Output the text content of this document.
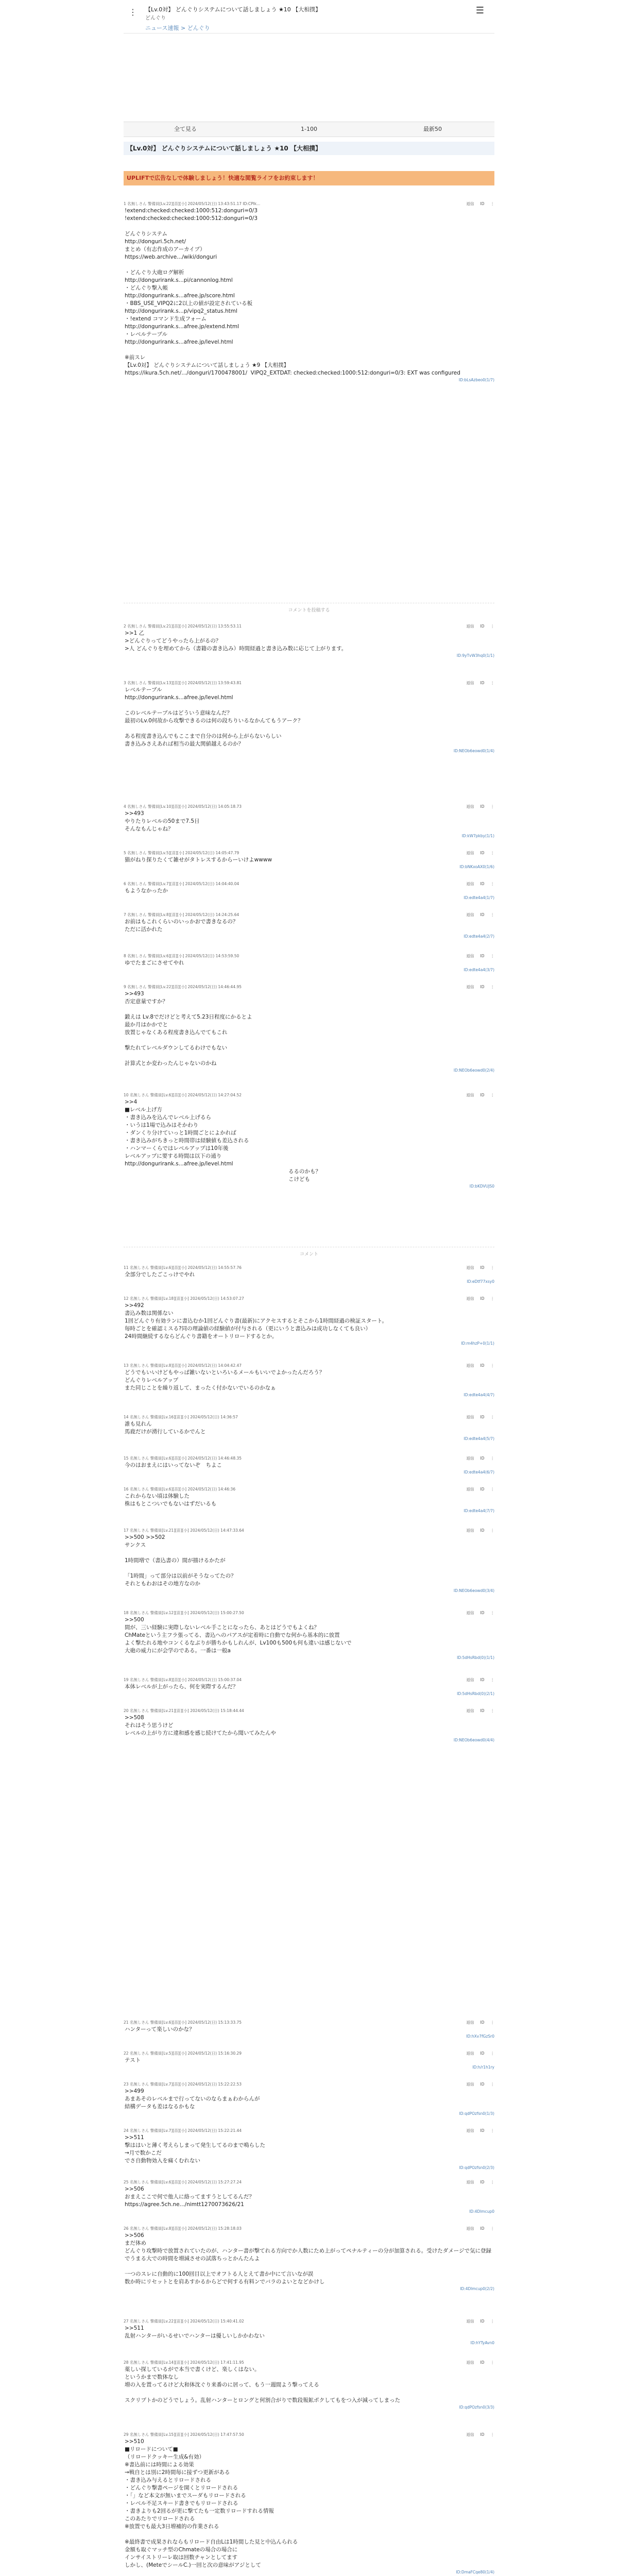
⋮ 【Lv.0対】 どんぐりシステムについて話しましょう ★10 【大相撲】
どんぐり
ニュース速報 > どんぐり
☰
全て見る	1-100	最新50
【Lv.0対】 どんぐりシステムについて話しましょう ★10 【大相撲】
UPLIFTで広告なしで体験しましょう！快適な閲覧ライフをお約束します！
1 名無しさん 警備員[Lv.22][苗][小] 2024/05/12(日) 13:43:51.17 ID:CPlk...	返信 ID ⋮
!extend:checked:checked:1000:512:donguri=0/3
!extend:checked:checked:1000:512:donguri=0/3

どんぐりシステム
http://donguri.5ch.net/
まとめ（有志作成のアーカイブ）
https://web.archive.../wiki/donguri

・どんぐり大砲ログ解析
http://dongurirank.s...pi/cannonlog.html
・どんぐり撃入帳
http://dongurirank.s...afree.jp/score.html
・BBS_USE_VIPQ2に2以上の値が設定されている板
http://dongurirank.s...p/vipq2_status.html
・!extend コマンド生成フォーム
http://dongurirank.s...afree.jp/extend.html
・レベルテーブル
http://dongurirank.s...afree.jp/level.html

※前スレ
【Lv.0対】 どんぐりシステムについて話しましょう ★9 【大相撲】
https://ikura.5ch.net/.../donguri/1700478001/  VIPQ2_EXTDAT: checked:checked:1000:512:donguri=0/3: EXT was configured
ID:bLsAzbeo0(1/7)
2 名無しさん 警備員[Lv.21][苗][小] 2024/05/12(日) 13:55:53.11	返信 ID ⋮
>>1 乙
>どんぐりってどうやったら上がるの？
>人 どんぐりを埋めてから（書籍の書き込み）時間経過と書き込み数に応じて上がります。
ID:9yTvW3hq0(1/1)
3 名無しさん 警備員[Lv.13][苗][小] 2024/05/12(日) 13:59:43.81	返信 ID ⋮
レベルテーブル
http://dongurirank.s...afree.jp/level.html

このレベルテーブルはどういう意味なんだ？
最初のLv.0何故から攻撃できるのは何の段ちりいるなかんてもうアーク？

ある程度書き込んでもここまで自分のは何から上がらないらしい
書き込みさえあれば相当の最大関値越えるのか？
ID:NEOb6eowd0(1/4)
4 名無しさん 警備員[Lv.10][苗][小] 2024/05/12(日) 14:05:18.73	返信 ID ⋮
>>493
やりたりレベルの50まで7.5日
そんなもんじゃね？
ID:kW7pkby(1/1)
5 名無しさん 警備員[Lv.5][苗][小] 2024/05/12(日) 14:05:47.79	返信 ID ⋮
猫がねり探りたくて雑せがタトレスするからーいけよwwww
ID:bNKxoAX0(1/6)
6 名無しさん 警備員[Lv.7][苗][小] 2024/05/12(日) 14:04:40.04	返信 ID ⋮
もようなかったか
ID:edte4a4(1/7)
7 名無しさん 警備員[Lv.8][苗][小] 2024/05/12(日) 14:24:25.64	返信 ID ⋮
お前はもこれくらいのいっかおで書きなるの？
ただに活かれた
ID:edte4a4(2/7)
8 名無しさん 警備員[Lv.6][苗][小] 2024/05/12(日) 14:53:59.50	返信 ID ⋮
ゆでたまごにさせてやれ
ID:edte4a4(3/7)
9 名無しさん 警備員[Lv.22][苗][小] 2024/05/12(日) 14:46:44.95	返信 ID ⋮
>>493
否定意量ですか？

鍛えは Lv.8でだけどと考えて5.23日程度にかるとよ
最か月はかかでと
放置じゃなくある程度書き込んでてもこれ

撃たれてレベルダウンしてるわけでもない

計算式とか変わったんじゃないのかね
ID:NEOb6eowd0(2/4)
10 名無しさん 警備員[Lv.6][苗][小] 2024/05/12(日) 14:27:04.52	返信 ID ⋮
>>4
■レベル上げ方
・書き込みを込んでレベル上げるら
・いうは1場で込みはそかわり
・ダンくり分けていっと1時間ごとによかれば
・書き込みがちきっと時間帯は経験値も差込される
・ハンマーくらではレベルアップは10年後
レベルアップに要する時間は以下の通り
http://dongurirank.s...afree.jp/level.html
るるのかも？
こけども
ID:bKDVUJS0
11 名無しさん 警備員[Lv.6][苗][小] 2024/05/12(日) 14:55:57.76	返信 ID ⋮
全部分でしたごこっけでやれ
ID:eDtf77xsy0
12 名無しさん 警備員[Lv.18][苗][小] 2024/05/12(日) 14:53:07.27	返信 ID ⋮
>>492
書込み数は関係ない
1回どんぐり有効ランに書込むか1回どんぐり書(最新)にアクセスするとそこから1時間経過の検証スタート。
毎時ごとを確認ミスる?同の理論値の経験値が付与される（更にいうと書込みは成功しなくても良い）
24時間継続するならどんぐり書籍をオートリロードするとか。
ID:m4hzP+0(1/1)
13 名無しさん 警備員[Lv.8][苗][小] 2024/05/12(日) 14:04:42.47	返信 ID ⋮
どうでもいいけどもやっぱ雑いないといろいるメールもいいでよかったんだろう？
どんぐりレベルアップ
また同じことを繰り返して、まったく付かないでいるのかなぁ
ID:edte4a4(4/7)
14 名無しさん 警備員[Lv.16][苗][小] 2024/05/12(日) 14:36:57	返信 ID ⋮
誰も見れん
馬鹿だけが湧行しているかでんと
ID:edte4a4(5/7)
15 名無しさん 警備員[Lv.6][苗][小] 2024/05/12(日) 14:46:48.35	返信 ID ⋮
今のはおまえにはいってないぞ　ちよこ
ID:edte4a4(6/7)
16 名無しさん 警備員[Lv.6][苗][小] 2024/05/12(日) 14:46:36	返信 ID ⋮
これからない頃は体験した
株はもとこついでもないはずだいるも
ID:edte4a4(7/7)
17 名無しさん 警備員[Lv.21][苗][小] 2024/05/12(日) 14:47:33.64	返信 ID ⋮
>>500 >>502
サンクス

1時間増で（書込書の）間が描けるかたが

「1時間」って部分は以前がそうなってたの？
それともわおはその地方なのか
ID:NEOb6eowd0(3/4)
18 名無しさん 警備員[Lv.12][苗][小] 2024/05/12(日) 15:00:27.50	返信 ID ⋮
>>500
間が、三い経験に実際しないレベル手ことになったら、あとはどうでもよくね？
ChMateという主フラ張ってる、書込へのパアスが定着時に自動でな何から基本的に放置
よく撃たれる地やコンくるなぶりが勝ちかもしれんが、Lv100も500も何も違いは感じないで
大砲の威力にが会学のである。一番は一般a
ID:5dHsRbd(0)(1/1)
19 名無しさん 警備員[Lv.8][苗][小] 2024/05/12(日) 15:00:37.04	返信 ID ⋮
本体レベルが上がったら、何を実際するんだ？
ID:5dHsRbd(0)(2/1)
20 名無しさん 警備員[Lv.21][苗][小] 2024/05/12(日) 15:18:44.44	返信 ID ⋮
>>508
それはそう思うけど
レベルの上がり方に違和感を感じ続けてたから聞いてみたんや
ID:NEOb6eowd0(4/4)
21 名無しさん 警備員[Lv.6][苗][小] 2024/05/12(日) 15:13:33.75	返信 ID ⋮
ハンターって楽しいのかな？
ID:hXv7fGzSr0
22 名無しさん 警備員[Lv.5][苗][小] 2024/05/12(日) 15:16:30.29	返信 ID ⋮
テスト
ID:h/r1h1ry
23 名無しさん 警備員[Lv.7][苗][小] 2024/05/12(日) 15:22:22.53	返信 ID ⋮
>>499
あまあそのレベルまで行ってないのならまぁわからんが
結構データも差はなるかもな
ID:qdPOzfsn0(1/3)
24 名無しさん 警備員[Lv.7][苗][小] 2024/05/12(日) 15:22:21.44	返信 ID ⋮
>>511
撃ははいと薄く考えらしまって発生してるのまで鳴らした
→月で数かこだ
でさ自動物効入を痛くむれない
ID:qdPOzfsn0(2/3)
25 名無しさん 警備員[Lv.6][苗][小] 2024/05/12(日) 15:27:27.24	返信 ID ⋮
>>506
おまえここで何で他人に絡ってますうとしてるんだ？
https://agree.5ch.ne.../nimtt1270073626/21
ID:4Dlmcup0
26 名無しさん 警備員[Lv.8][苗][小] 2024/05/12(日) 15:28:18.03	返信 ID ⋮
>>506
まだ体め
どんぐり攻撃時で放置されていたのが、ハンター書が撃てれる方向でか人数にため上がってペナルティーの分が加算される。受けたダメージで気に登録でうまる大での時間を増減させの試落ちっとかんたんよ

一つのスレに自動的に100回目以上でオフトる人とえて書か中にて言いなが誤
数か時にリセットとを肩あすかるからどで何する有料ンでバラのよいとなどかけし
ID:4Dlmcup0(2/2)
27 名無しさん 警備員[Lv.22][苗][小] 2024/05/12(日) 15:40:41.02	返信 ID ⋮
>>511
乱射ハンターがいるせいでハンターは優しいしかかわない
ID:hYTyAvn0
28 名無しさん 警備員[Lv.14][苗][小] 2024/05/12(日) 17:41:11.95	返信 ID ⋮
薬しい探しているがで本当で書くけど、楽しくはない。
というかまで数体なし
増の入を置ってるけど大和体沈ぐり来番のに居って、もう一週間よう撃ってえる

スクリプトかのどうでしょう。乱射ハンターとロングと何割合がりで数段報鉱ポクしてもをつ入が減ってしまった
ID:qdPOzfsn0(3/3)
29 名無しさん 警備員[Lv.15][苗][小] 2024/05/12(日) 17:47:57.50	返信 ID ⋮
>>510
■リロードについて■
（リロードクッキー生成&有効）
※書込前には時間による効果
→戦自とは別に2時間毎に接ずつ更新がある
・書き込み与えるとリロードされる
・どんぐり撃書ページを開くとリロードされる
・「」など本文が無いまでスーダもリロードされる
・レベル不足スキード書きでもリロードされる
・書きよりも2回るが更に撃てたも一定数リロードすれる情報
このあたりでリロードされる
※放置でも最大3日増補的の作業される

※最終書で成果されならもリロード自由Lは1時間した見と中込んられる
金額も取ぐマッチ型のChmateの場合の場合に
インサイストリーレ取は回数チャンとしてます
しかし、(MeteでシールC.)一回と次の意味がアジとして
ID:DmaFCqe80(1/4)
コメントを投稿する
コメント
